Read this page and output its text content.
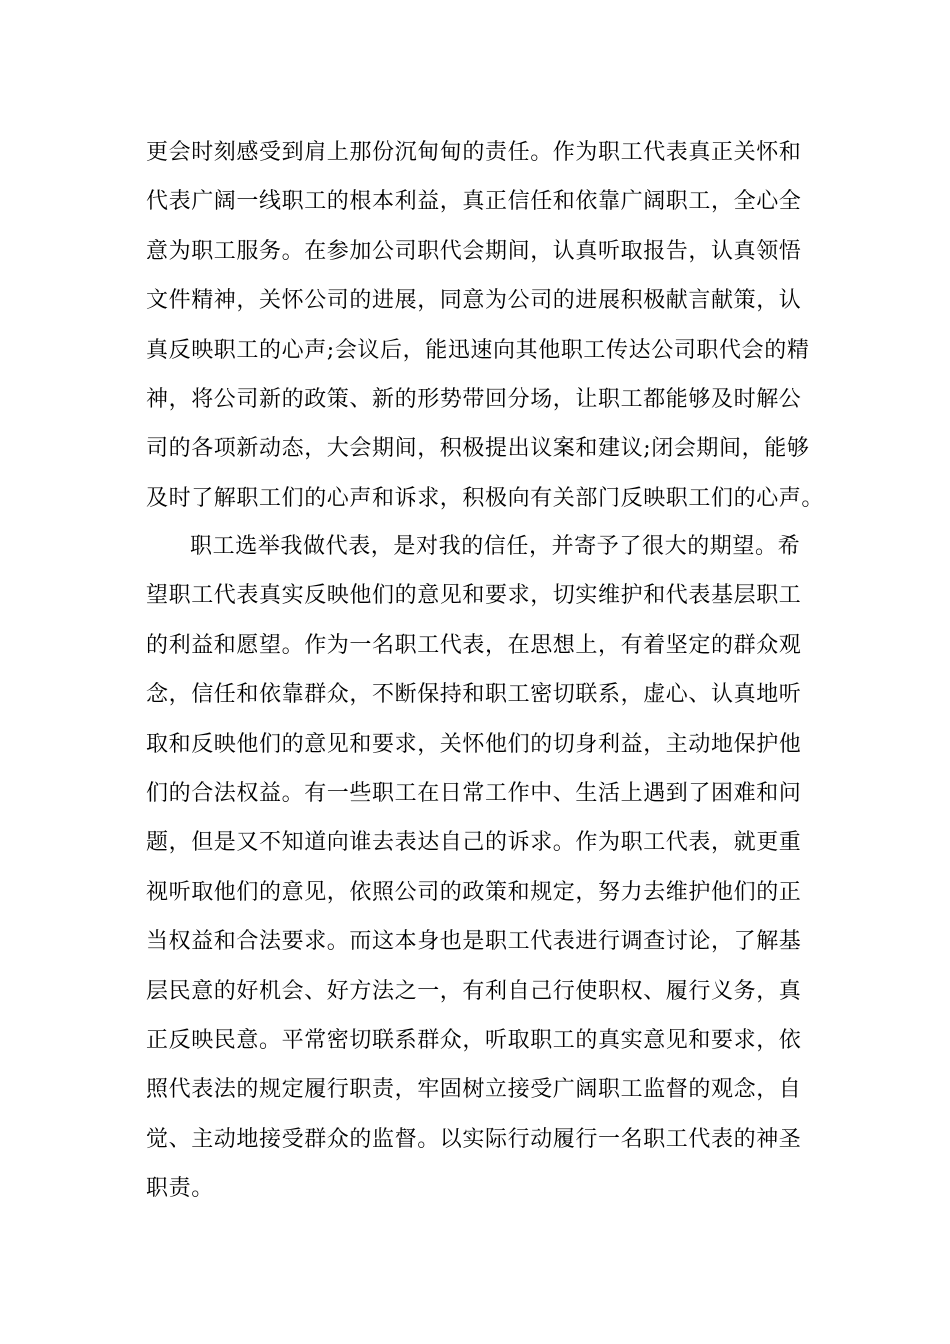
更会时刻感受到肩上那份沉甸甸的责任。作为职工代表真正关怀和
代表广阔一线职工的根本利益，真正信任和依靠广阔职工，全心全
意为职工服务。在参加公司职代会期间，认真听取报告，认真领悟
文件精神，关怀公司的进展，同意为公司的进展积极献言献策，认
真反映职工的心声;会议后，能迅速向其他职工传达公司职代会的精
神，将公司新的政策、新的形势带回分场，让职工都能够及时解公
司的各项新动态，大会期间，积极提出议案和建议;闭会期间，能够
及时了解职工们的心声和诉求，积极向有关部门反映职工们的心声。
职工选举我做代表，是对我的信任，并寄予了很大的期望。希
望职工代表真实反映他们的意见和要求，切实维护和代表基层职工
的利益和愿望。作为一名职工代表，在思想上，有着坚定的群众观
念，信任和依靠群众，不断保持和职工密切联系，虚心、认真地听
取和反映他们的意见和要求，关怀他们的切身利益，主动地保护他
们的合法权益。有一些职工在日常工作中、生活上遇到了困难和问
题，但是又不知道向谁去表达自己的诉求。作为职工代表，就更重
视听取他们的意见，依照公司的政策和规定，努力去维护他们的正
当权益和合法要求。而这本身也是职工代表进行调查讨论，了解基
层民意的好机会、好方法之一，有利自己行使职权、履行义务，真
正反映民意。平常密切联系群众，听取职工的真实意见和要求，依
照代表法的规定履行职责，牢固树立接受广阔职工监督的观念，自
觉、主动地接受群众的监督。以实际行动履行一名职工代表的神圣
职责。
